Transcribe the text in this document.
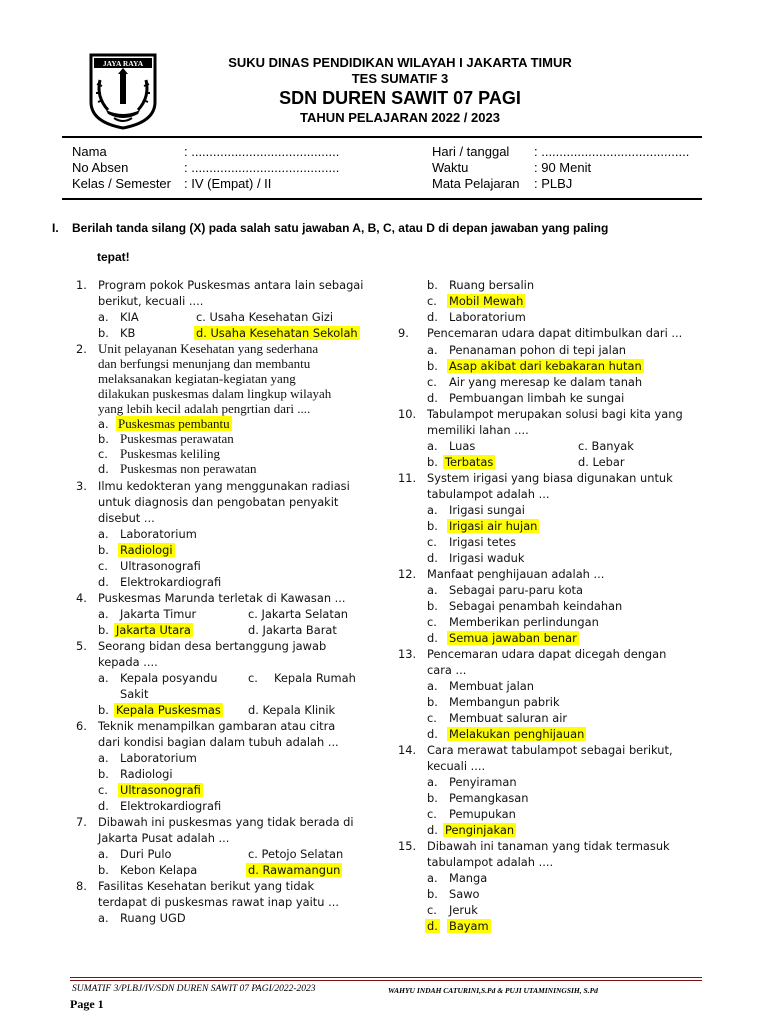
JAYA RAYA	SUKU DINAS PENDIDIKAN WILAYAH I JAKARTA TIMUR
TES SUMATIF 3
SDN DUREN SAWIT 07 PAGI
TAHUN PELAJARAN 2022 / 2023
Nama	: .........................................
No Absen	: .........................................
Kelas / Semester : IV (Empat) / II
Hari / tanggal : .........................................
Waktu	: 90 Menit
Mata Pelajaran : PLBJ
I. Berilah tanda silang (X) pada salah satu jawaban A, B, C, atau D di depan jawaban yang paling
tepat!
1. Program pokok Puskesmas antara lain sebagai
berikut, kecuali ....
a. KIA	c. Usaha Kesehatan Gizi
b. KB	d. Usaha Kesehatan Sekolah
2. Unit pelayanan Kesehatan yang sederhana
dan berfungsi menunjang dan membantu
melaksanakan kegiatan-kegiatan yang
dilakukan puskesmas dalam lingkup wilayah
yang lebih kecil adalah pengrtian dari ....
a. Puskesmas pembantu
b. Puskesmas perawatan
c. Puskesmas keliling
d. Puskesmas non perawatan
3. Ilmu kedokteran yang menggunakan radiasi
untuk diagnosis dan pengobatan penyakit
disebut ...
a. Laboratorium
b. Radiologi
c. Ultrasonografi
d. Elektrokardiografi
4. Puskesmas Marunda terletak di Kawasan ...
a. Jakarta Timur	c. Jakarta Selatan
b. Jakarta Utara	d. Jakarta Barat
5. Seorang bidan desa bertanggung jawab
kepada ....
a. Kepala posyandu	c. Kepala Rumah
Sakit
b. Kepala Puskesmas d. Kepala Klinik
6. Teknik menampilkan gambaran atau citra
dari kondisi bagian dalam tubuh adalah ...
a. Laboratorium
b. Radiologi
c. Ultrasonografi
d. Elektrokardiografi
7. Dibawah ini puskesmas yang tidak berada di
Jakarta Pusat adalah ...
a. Duri Pulo	c. Petojo Selatan
b. Kebon Kelapa	d. Rawamangun
8. Fasilitas Kesehatan berikut yang tidak
terdapat di puskesmas rawat inap yaitu ...
a. Ruang UGD
b. Ruang bersalin
c. Mobil Mewah
d. Laboratorium
9. Pencemaran udara dapat ditimbulkan dari ...
a. Penanaman pohon di tepi jalan
b. Asap akibat dari kebakaran hutan
c. Air yang meresap ke dalam tanah
d. Pembuangan limbah ke sungai
10. Tabulampot merupakan solusi bagi kita yang
memiliki lahan ....
a. Luas	c. Banyak
b. Terbatas	d. Lebar
11. System irigasi yang biasa digunakan untuk
tabulampot adalah ...
a. Irigasi sungai
b. Irigasi air hujan
c. Irigasi tetes
d. Irigasi waduk
12. Manfaat penghijauan adalah ...
a. Sebagai paru-paru kota
b. Sebagai penambah keindahan
c. Memberikan perlindungan
d. Semua jawaban benar
13. Pencemaran udara dapat dicegah dengan
cara ...
a. Membuat jalan
b. Membangun pabrik
c. Membuat saluran air
d. Melakukan penghijauan
14. Cara merawat tabulampot sebagai berikut,
kecuali ....
a. Penyiraman
b. Pemangkasan
c. Pemupukan
d. Penginjakan
15. Dibawah ini tanaman yang tidak termasuk
tabulampot adalah ....
a. Manga
b. Sawo
c. Jeruk
d. Bayam
SUMATIF 3/PLBJ/IV/SDN DUREN SAWIT 07 PAGI/2022-2023	WAHYU INDAH CATURINI,S.Pd & PUJI UTAMININGSIH, S.Pd
Page 1
